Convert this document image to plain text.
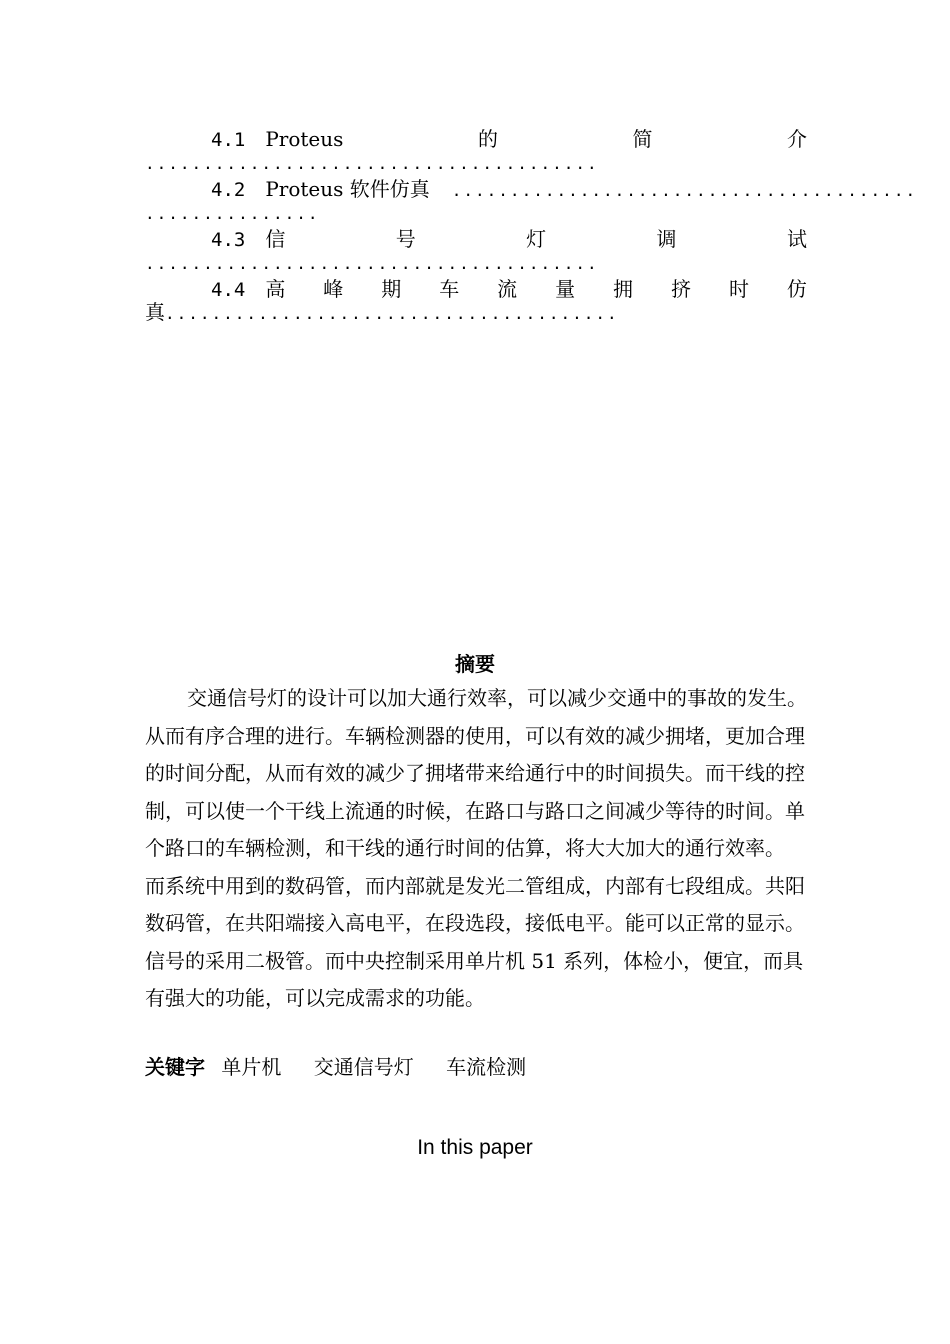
4.1 Proteus	的	简	介
.......................................
4.2 Proteus 软件仿真 ........................................
...............
4.3 信	号	灯	调	试
.......................................
4.4 高 峰 期 车 流 量 拥 挤 时 仿
真.......................................
摘要

交通信号灯的设计可以加大通行效率，可以减少交通中的事故的发生。从而有序合理的进行。车辆检测器的使用，可以有效的减少拥堵，更加合理的时间分配，从而有效的减少了拥堵带来给通行中的时间损失。而干线的控制，可以使一个干线上流通的时候，在路口与路口之间减少等待的时间。单个路口的车辆检测，和干线的通行时间的估算，将大大加大的通行效率。

而系统中用到的数码管，而内部就是发光二管组成，内部有七段组成。共阳数码管，在共阳端接入高电平，在段选段，接低电平。能可以正常的显示。信号的采用二极管。而中央控制采用单片机 51 系列，体检小，便宜，而具有强大的功能，可以完成需求的功能。

关键字 单片机 交通信号灯 车流检测
In this paper
